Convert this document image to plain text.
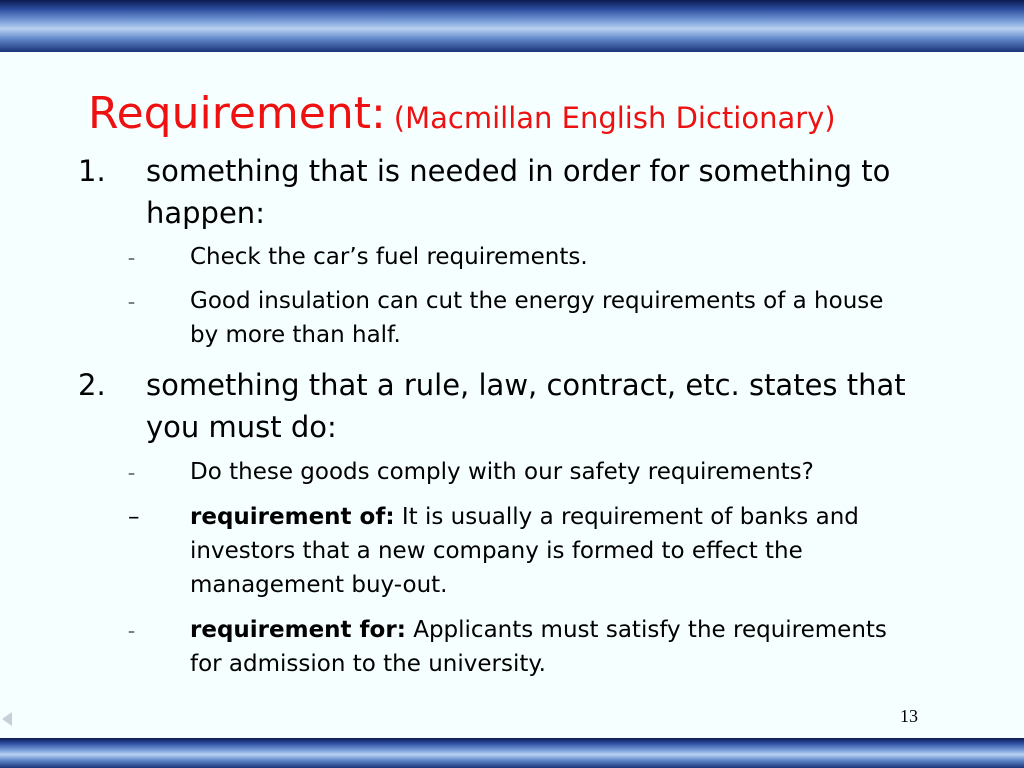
Requirement: (Macmillan English Dictionary)
1. something that is needed in order for something to happen:
– Check the car’s fuel requirements.
– Good insulation can cut the energy requirements of a house by more than half.
2. something that a rule, law, contract, etc. states that you must do:
– Do these goods comply with our safety requirements?
– requirement of: It is usually a requirement of banks and investors that a new company is formed to effect the management buy-out.
– requirement for: Applicants must satisfy the requirements for admission to the university.
13
